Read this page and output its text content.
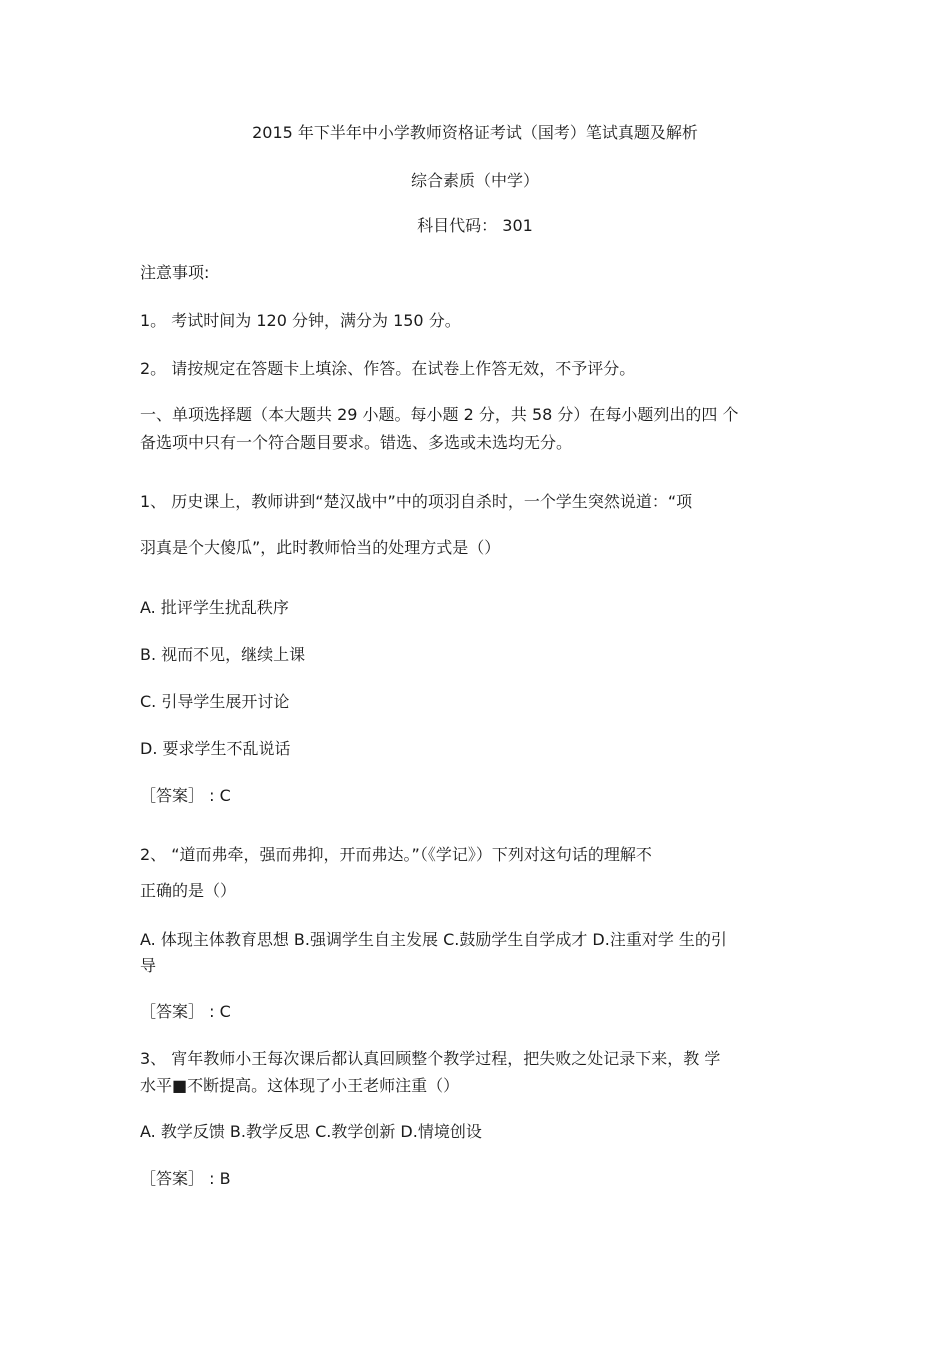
2015 年下半年中小学教师资格证考试（国考）笔试真题及解析

综合素质（中学）

科目代码： 301

注意事项:

1。 考试时间为 120 分钟，满分为 150 分。

2。 请按规定在答题卡上填涂、作答。在试卷上作答无效，不予评分。

一、单项选择题（本大题共 29 小题。每小题 2 分，共 58 分）在每小题列出的四 个

备选项中只有一个符合题目要求。错选、多选或未选均无分。

1、 历史课上，教师讲到“楚汉战中”中的项羽自杀时，一个学生突然说道：“项

羽真是个大傻瓜”，此时教师恰当的处理方式是（）

A. 批评学生扰乱秩序

B. 视而不见，继续上课

C. 引导学生展开讨论

D. 要求学生不乱说话

［答案］ : C

2、 “道而弗牵，强而弗抑，开而弗达。”（《学记》）下列对这句话的理解不

正确的是（）

A. 体现主体教育思想 B.强调学生自主发展 C.鼓励学生自学成才 D.注重对学 生的引

导

［答案］ : C

3、 宵年教师小王每次课后都认真回顾整个教学过程，把失败之处记录下来，教 学

水平■不断提高。这体现了小王老师注重（）

A. 教学反馈 B.教学反思 C.教学创新 D.情境创设

［答案］ : B
